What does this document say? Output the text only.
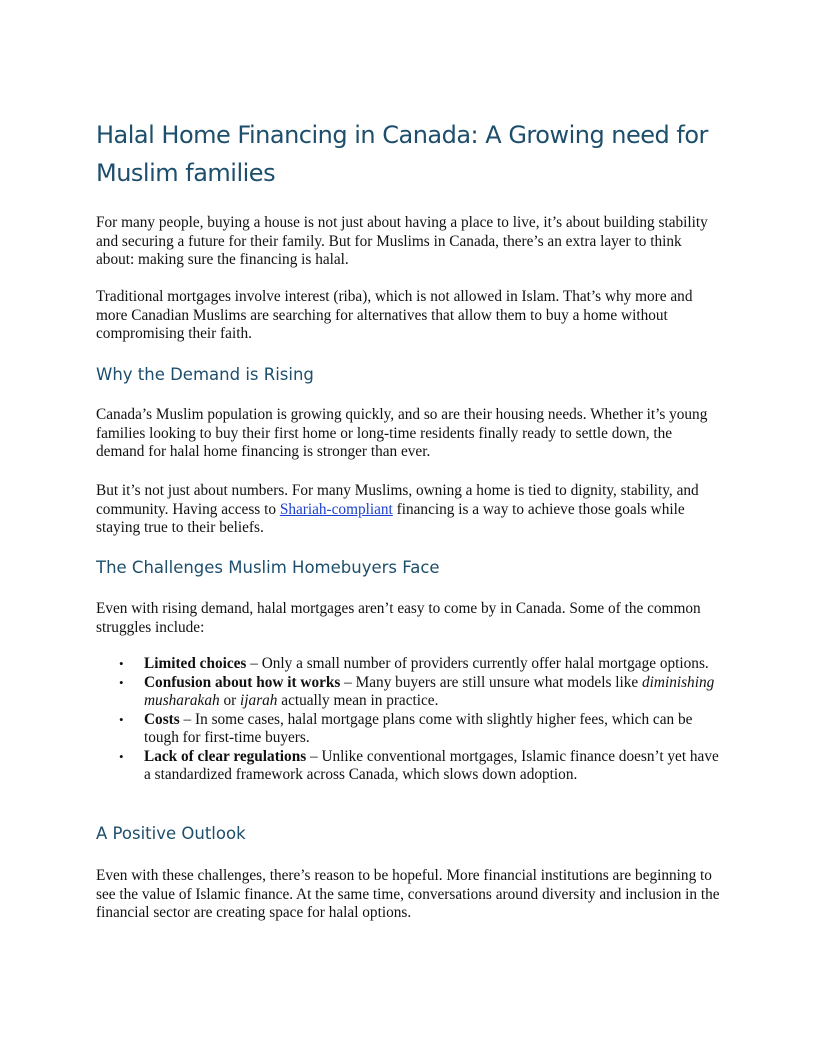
Halal Home Financing in Canada: A Growing need for Muslim families

For many people, buying a house is not just about having a place to live, it’s about building stability and securing a future for their family. But for Muslims in Canada, there’s an extra layer to think about: making sure the financing is halal.

Traditional mortgages involve interest (riba), which is not allowed in Islam. That’s why more and more Canadian Muslims are searching for alternatives that allow them to buy a home without compromising their faith.

Why the Demand is Rising

Canada’s Muslim population is growing quickly, and so are their housing needs. Whether it’s young families looking to buy their first home or long-time residents finally ready to settle down, the demand for halal home financing is stronger than ever.

But it’s not just about numbers. For many Muslims, owning a home is tied to dignity, stability, and community. Having access to Shariah-compliant financing is a way to achieve those goals while staying true to their beliefs.

The Challenges Muslim Homebuyers Face

Even with rising demand, halal mortgages aren’t easy to come by in Canada. Some of the common struggles include:

• Limited choices – Only a small number of providers currently offer halal mortgage options.
• Confusion about how it works – Many buyers are still unsure what models like diminishing musharakah or ijarah actually mean in practice.
• Costs – In some cases, halal mortgage plans come with slightly higher fees, which can be tough for first-time buyers.
• Lack of clear regulations – Unlike conventional mortgages, Islamic finance doesn’t yet have a standardized framework across Canada, which slows down adoption.
A Positive Outlook

Even with these challenges, there’s reason to be hopeful. More financial institutions are beginning to see the value of Islamic finance. At the same time, conversations around diversity and inclusion in the financial sector are creating space for halal options.
